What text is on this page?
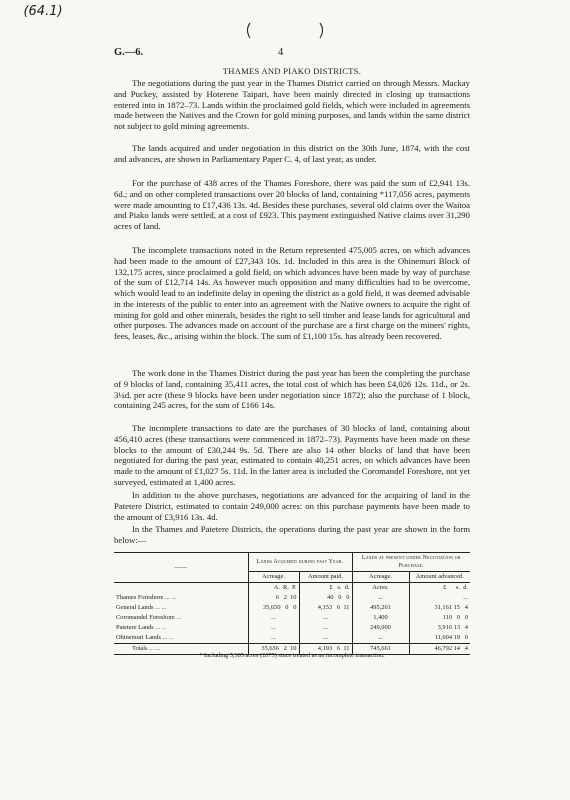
(64.1)
G.—6.	4
THAMES AND PIAKO DISTRICTS.

The negotiations during the past year in the Thames District carried on through Messrs. Mackay and Puckey, assisted by Hoterene Taipari, have been mainly directed in closing up transactions entered into in 1872–73. Lands within the proclaimed gold fields, which were included in agreements made between the Natives and the Crown for gold mining purposes, and lands within the same district not subject to gold mining agreements.

The lands acquired and under negotiation in this district on the 30th June, 1874, with the cost and advances, are shown in Parliamentary Paper C. 4, of last year, as under.

For the purchase of 438 acres of the Thames Foreshore, there was paid the sum of £2,941 13s. 6d.; and on other completed transactions over 20 blocks of land, containing *117,056 acres, payments were made amounting to £17,436 13s. 4d. Besides these purchases, several old claims over the Waitoa and Piako lands were settled, at a cost of £923. This payment extinguished Native claims over 31,290 acres of land.

The incomplete transactions noted in the Return represented 475,005 acres, on which advances had been made to the amount of £27,343 10s. 1d. Included in this area is the Ohinemuri Block of 132,175 acres, since proclaimed a gold field, on which advances have been made by way of purchase of the sum of £12,714 14s. As however much opposition and many difficulties had to be overcome, which would lead to an indefinite delay in opening the district as a gold field, it was deemed advisable in the interests of the public to enter into an agreement with the Native owners to acquire the right of mining for gold and other minerals, besides the right to sell timber and lease lands for agricultural and other purposes. The advances made on account of the purchase are a first charge on the miners' rights, fees, leases, &c., arising within the block. The sum of £1,100 15s. has already been recovered.

The work done in the Thames District during the past year has been the completing the purchase of 9 blocks of land, containing 35,411 acres, the total cost of which has been £4,026 12s. 11d., or 2s. 3¼d. per acre (these 9 blocks have been under negotiation since 1872); also the purchase of 1 block, containing 245 acres, for the sum of £166 14s.

The incomplete transactions to date are the purchases of 30 blocks of land, containing about 456,410 acres (these transactions were commenced in 1872–73). Payments have been made on these blocks to the amount of £30,244 9s. 5d. There are also 14 other blocks of land that have been negotiated for during the past year, estimated to contain 40,251 acres, on which advances have been made to the amount of £1,027 5s. 11d. In the latter area is included the Coromandel Foreshore, not yet surveyed, estimated at 1,400 acres.

In addition to the above purchases, negotiations are advanced for the acquiring of land in the Patetere District, estimated to contain 249,000 acres: on this purchase payments have been made to the amount of £3,916 13s. 4d.

In the Thames and Patetere Districts, the operations during the past year are shown in the form below:—

——	Lands Acquired during past Year.		Lands at present under Negotiation or Purchase.	
	Acreage.	Amount paid.	Acreage.	Amount advanced.
	A.  R.  P.	£   s.  d.	Acres.	£      s.  d.
Thames Foreshore ... ...	6   2  10	40   0   0	...	...
General Lands ... ...	35,650   0   0	4,153   6  11	495,261	31,161 15   4
Coromandel Foreshore ...	...	...	1,400	110   0   0
Patetere Lands ... ...	...	...	249,000	3,916 13   4
Ohinemuri Lands ... ...	...	...	...	11,604 19   0
Totals ... ...	35,656   2  10	4,193   6  11	745,661	46,792 14   4
* Including 5,305 acres (£675) since treated as an incomplete transaction.
